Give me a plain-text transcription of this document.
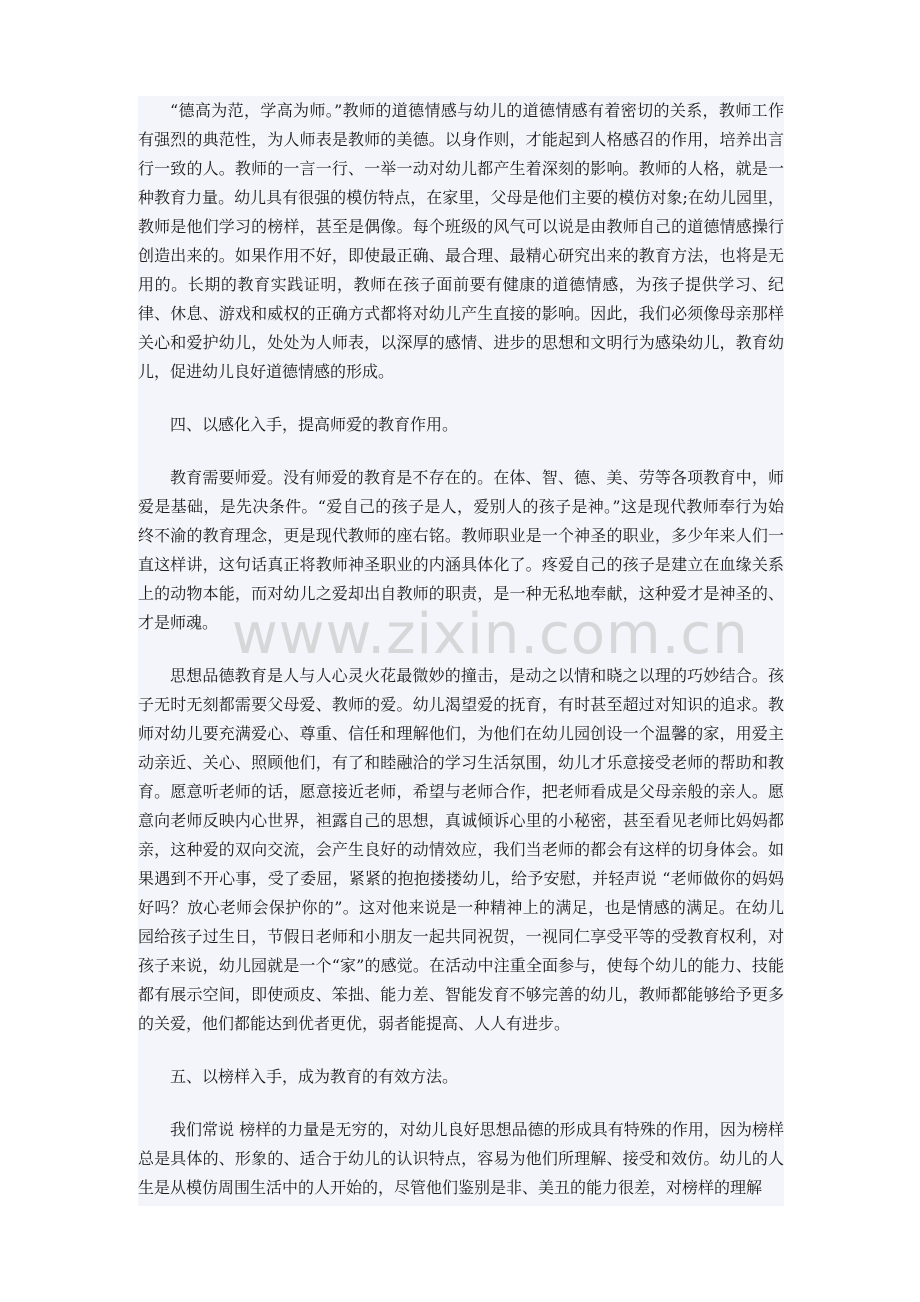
“德高为范，学高为师。”教师的道德情感与幼儿的道德情感有着密切的关系，教师工作有强烈的典范性，为人师表是教师的美德。以身作则，才能起到人格感召的作用，培养出言行一致的人。教师的一言一行、一举一动对幼儿都产生着深刻的影响。教师的人格，就是一种教育力量。幼儿具有很强的模仿特点，在家里，父母是他们主要的模仿对象;在幼儿园里，教师是他们学习的榜样，甚至是偶像。每个班级的风气可以说是由教师自己的道德情感操行创造出来的。如果作用不好，即使最正确、最合理、最精心研究出来的教育方法，也将是无用的。长期的教育实践证明，教师在孩子面前要有健康的道德情感，为孩子提供学习、纪律、休息、游戏和威权的正确方式都将对幼儿产生直接的影响。因此，我们必须像母亲那样关心和爱护幼儿，处处为人师表，以深厚的感情、进步的思想和文明行为感染幼儿，教育幼儿，促进幼儿良好道德情感的形成。

四、以感化入手，提高师爱的教育作用。

教育需要师爱。没有师爱的教育是不存在的。在体、智、德、美、劳等各项教育中，师爱是基础，是先决条件。“爱自己的孩子是人，爱别人的孩子是神。”这是现代教师奉行为始终不渝的教育理念，更是现代教师的座右铭。教师职业是一个神圣的职业，多少年来人们一直这样讲，这句话真正将教师神圣职业的内涵具体化了。疼爱自己的孩子是建立在血缘关系上的动物本能，而对幼儿之爱却出自教师的职责，是一种无私地奉献，这种爱才是神圣的、才是师魂。

思想品德教育是人与人心灵火花最微妙的撞击，是动之以情和晓之以理的巧妙结合。孩子无时无刻都需要父母爱、教师的爱。幼儿渴望爱的抚育，有时甚至超过对知识的追求。教师对幼儿要充满爱心、尊重、信任和理解他们，为他们在幼儿园创设一个温馨的家，用爱主动亲近、关心、照顾他们，有了和睦融洽的学习生活氛围，幼儿才乐意接受老师的帮助和教育。愿意听老师的话，愿意接近老师，希望与老师合作，把老师看成是父母亲般的亲人。愿意向老师反映内心世界，袒露自己的思想，真诚倾诉心里的小秘密，甚至看见老师比妈妈都亲，这种爱的双向交流，会产生良好的动情效应，我们当老师的都会有这样的切身体会。如果遇到不开心事，受了委屈，紧紧的抱抱搂搂幼儿，给予安慰，并轻声说 “老师做你的妈妈好吗？放心老师会保护你的”。这对他来说是一种精神上的满足，也是情感的满足。在幼儿园给孩子过生日，节假日老师和小朋友一起共同祝贺，一视同仁享受平等的受教育权利，对孩子来说，幼儿园就是一个“家”的感觉。在活动中注重全面参与，使每个幼儿的能力、技能都有展示空间，即使顽皮、笨拙、能力差、智能发育不够完善的幼儿，教师都能够给予更多的关爱，他们都能达到优者更优，弱者能提高、人人有进步。

五、以榜样入手，成为教育的有效方法。

我们常说 榜样的力量是无穷的，对幼儿良好思想品德的形成具有特殊的作用，因为榜样总是具体的、形象的、适合于幼儿的认识特点，容易为他们所理解、接受和效仿。幼儿的人生是从模仿周围生活中的人开始的，尽管他们鉴别是非、美丑的能力很差，对榜样的理解

www.zixin.com.cn
